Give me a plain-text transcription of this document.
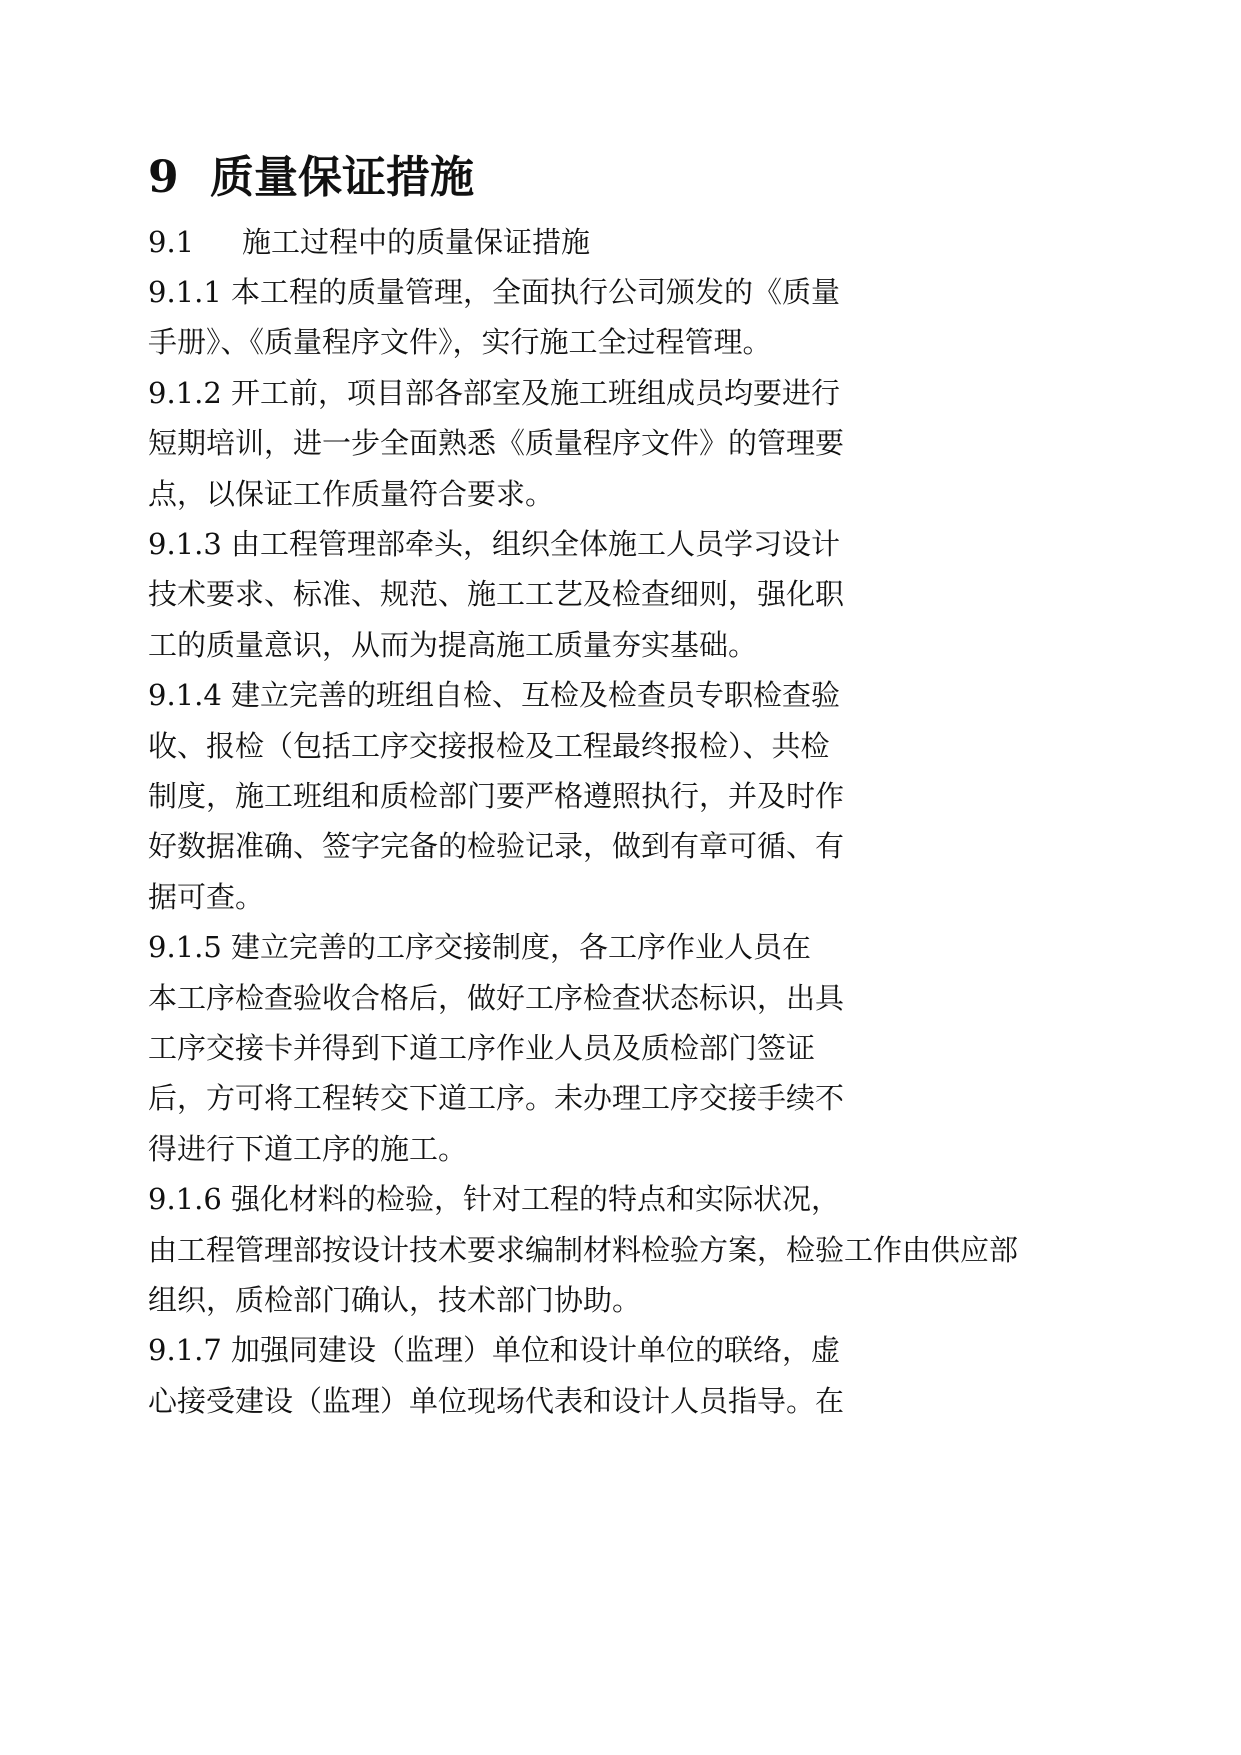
9 质量保证措施
9.1 施工过程中的质量保证措施
9.1.1 本工程的质量管理，全面执行公司颁发的《质量
手册》、《质量程序文件》，实行施工全过程管理。
9.1.2 开工前，项目部各部室及施工班组成员均要进行
短期培训，进一步全面熟悉《质量程序文件》的管理要
点，以保证工作质量符合要求。
9.1.3 由工程管理部牵头，组织全体施工人员学习设计
技术要求、标准、规范、施工工艺及检查细则，强化职
工的质量意识，从而为提高施工质量夯实基础。
9.1.4 建立完善的班组自检、互检及检查员专职检查验
收、报检（包括工序交接报检及工程最终报检）、共检
制度，施工班组和质检部门要严格遵照执行，并及时作
好数据准确、签字完备的检验记录，做到有章可循、有
据可查。
9.1.5 建立完善的工序交接制度，各工序作业人员在
本工序检查验收合格后，做好工序检查状态标识，出具
工序交接卡并得到下道工序作业人员及质检部门签证
后，方可将工程转交下道工序。未办理工序交接手续不
得进行下道工序的施工。
9.1.6 强化材料的检验，针对工程的特点和实际状况，
由工程管理部按设计技术要求编制材料检验方案，检验工作由供应部
组织，质检部门确认，技术部门协助。
9.1.7 加强同建设（监理）单位和设计单位的联络，虚
心接受建设（监理）单位现场代表和设计人员指导。在
